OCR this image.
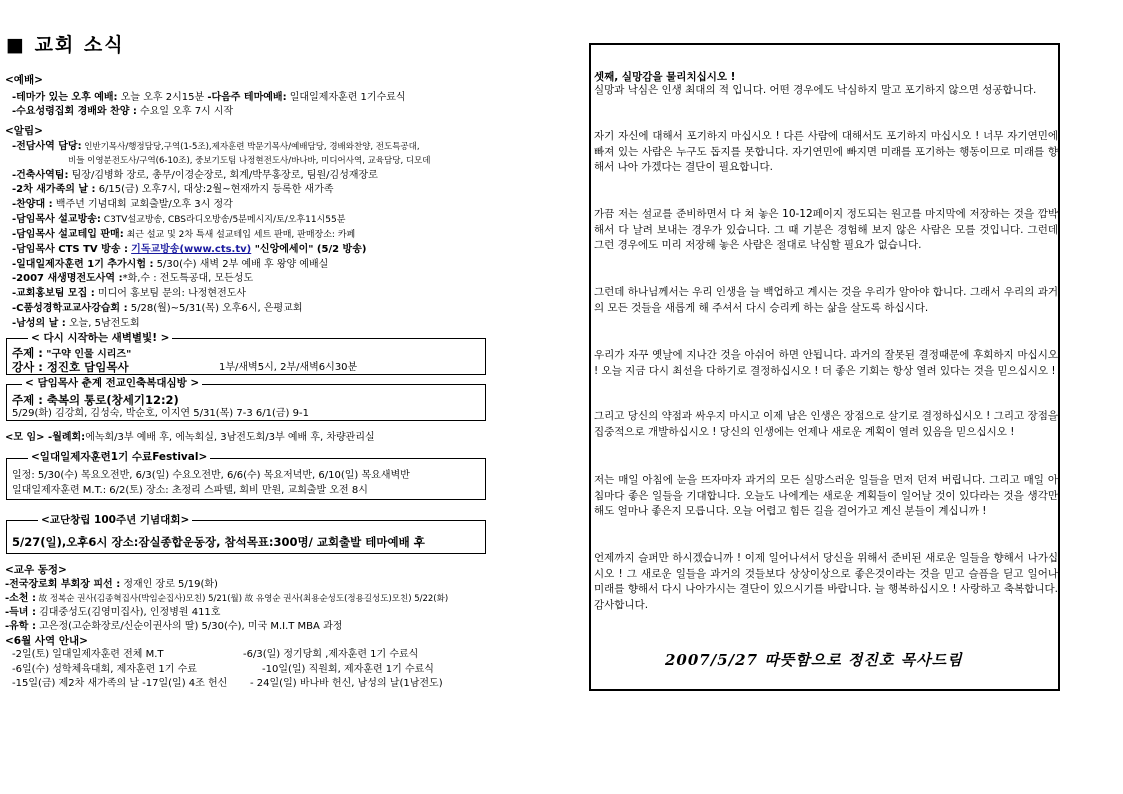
■ 교회 소식
<예배>
-테마가 있는 오후 예배: 오늘 오후 2시15분 -다음주 테마예배: 일대일제자훈련 1기수료식
-수요성령집회 경배와 찬양 : 수요일 오후 7시 시작
<알림>
-전담사역 담당: 인반기목사/행정담당,구역(1-5조),제자훈련 박문기목사/예배담당, 경배와찬양, 전도특공대,
비들 이영분전도사/구역(6-10조), 중보기도팀 나정현전도사/바나바, 미디어사역, 교육담당, 디모데
-건축사역팀: 팀장/김병화 장로, 총무/이경순장로, 회계/박무홍장로, 팀원/김성재장로
-2차 새가족의 날 : 6/15(금) 오후7시, 대상:2월~현재까지 등록한 새가족
-찬양대 : 백주년 기념대회 교회출발/오후 3시 정각
-담임목사 설교방송: C3TV설교방송, CBS라디오방송/5분메시지/토/오후11시55분
-담임목사 설교테입 판매: 최근 설교 및 2차 특새 설교테입 세트 판매, 판매장소: 카페
-담임목사 CTS TV 방송 : 기독교방송(www.cts.tv) "신앙에세이" (5/2 방송)
-일대일제자훈련 1기 추가시험 : 5/30(수) 새벽 2부 예배 후 왕양 예배실
-2007 새생명전도사역 :*화,수 : 전도특공대, 모든성도
-교회홍보팀 모집 : 미디어 홍보팀 문의: 나정현전도사
-C품성경학교교사강습회 : 5/28(월)~5/31(목) 오후6시, 은평교회
-남성의 날 : 오늘, 5남전도회
< 다시 시작하는 새벽별빛! >
주제 : "구약 인물 시리즈"
강사 : 정진호 담임목사	1부/새벽5시, 2부/새벽6시30분
< 담임목사 춘계 전교인축복대심방 >
주제 : 축복의 통로(창세기12:2)
5/29(화) 김강희, 김성숙, 박순호, 이지연 5/31(목) 7-3 6/1(금) 9-1
<모 임> -월례회:에녹회/3부 예배 후, 에녹회실, 3남전도회/3부 예배 후, 차량관리실
<일대일제자훈련1기 수료Festival>
일정: 5/30(수) 목요오전반, 6/3(일) 수요오전반, 6/6(수) 목요저녁반, 6/10(일) 목요새벽반
일대일제자훈련 M.T.: 6/2(토) 장소: 초정리 스파텔, 회비 만원, 교회출발 오전 8시
<교단창립 100주년 기념대회>
5/27(일),오후6시 장소:잠실종합운동장, 참석목표:300명/ 교회출발 테마예배 후
<교우 동정>
-전국장로회 부회장 피선 : 정재인 장로 5/19(화)
-소천 : 故 정복순 권사(김종혁집사(박임순집사)모친) 5/21(월) 故 유영순 권사(최용순성도(정용길성도)모친) 5/22(화)
-득녀 : 김대중성도(김영미집사), 인정병원 411호
-유학 : 고은정(고순화장로/신순이권사의 딸) 5/30(수), 미국 M.I.T MBA 과정
<6월 사역 안내>
-2일(토) 일대일제자훈련 전체 M.T	-6/3(일) 정기당회 ,제자훈련 1기 수료식
-6일(수) 성학체육대회, 제자훈련 1기 수료	-10일(일) 직원회, 제자훈련 1기 수료식
-15일(금) 제2차 새가족의 날 -17일(일) 4조 헌신 - 24일(일) 바나바 헌신, 남성의 날(1남전도)
셋째, 실망감을 물리치십시오 !
실망과 낙심은 인생 최대의 적 입니다. 어떤 경우에도 낙심하지 말고 포기하지 않으면 성공합니다.
자기 자신에 대해서 포기하지 마십시오 ! 다른 사람에 대해서도 포기하지 마십시오 ! 너무 자기연민에 빠져 있는 사람은 누구도 돕지를 못합니다. 자기연민에 빠지면 미래를 포기하는 행동이므로 미래를 향해서 나아 가겠다는 결단이 필요합니다.
가끔 저는 설교를 준비하면서 다 쳐 놓은 10-12페이지 정도되는 원고를 마지막에 저장하는 것을 깜박해서 다 날려 보내는 경우가 있습니다. 그 때 기분은 경험해 보지 않은 사람은 모를 것입니다. 그런데 그런 경우에도 미리 저장해 놓은 사람은 절대로 낙심할 필요가 없습니다.
그런데 하나님께서는 우리 인생을 늘 백업하고 계시는 것을 우리가 알아야 합니다. 그래서 우리의 과거의 모든 것들을 새롭게 해 주셔서 다시 승리케 하는 삶을 살도록 하십시다.
우리가 자꾸 옛날에 지나간 것을 아쉬어 하면 안됩니다. 과거의 잘못된 결정때문에 후회하지 마십시오 ! 오늘 지금 다시 최선을 다하기로 결정하십시오 ! 더 좋은 기회는 항상 열려 있다는 것을 믿으십시오 !
그리고 당신의 약점과 싸우지 마시고 이제 남은 인생은 장점으로 살기로 결정하십시오 ! 그리고 장점을 집중적으로 개발하십시오 ! 당신의 인생에는 언제나 새로운 계획이 열려 있음을 믿으십시오 !
저는 매일 아침에 눈을 뜨자마자 과거의 모든 실망스러운 일들을 먼저 던져 버립니다. 그리고 매일 아침마다 좋은 일들을 기대합니다. 오늘도 나에게는 새로운 계획들이 일어날 것이 있다라는 것을 생각만 해도 얼마나 좋은지 모릅니다. 오늘 어렵고 힘든 길을 걸어가고 계신 분들이 계십니까 !
언제까지 슬퍼만 하시겠습니까 ! 이제 일어나셔서 당신을 위해서 준비된 새로운 일들을 향해서 나가십시오 ! 그 새로운 일들을 과거의 것들보다 상상이상으로 좋은것이라는 것을 믿고 슬픔을 딛고 일어나 미래를 향해서 다시 나아가시는 결단이 있으시기를 바랍니다. 늘 행복하십시오 ! 사랑하고 축복합니다. 감사합니다.
2007/5/27 따뜻함으로 정진호 목사드림
